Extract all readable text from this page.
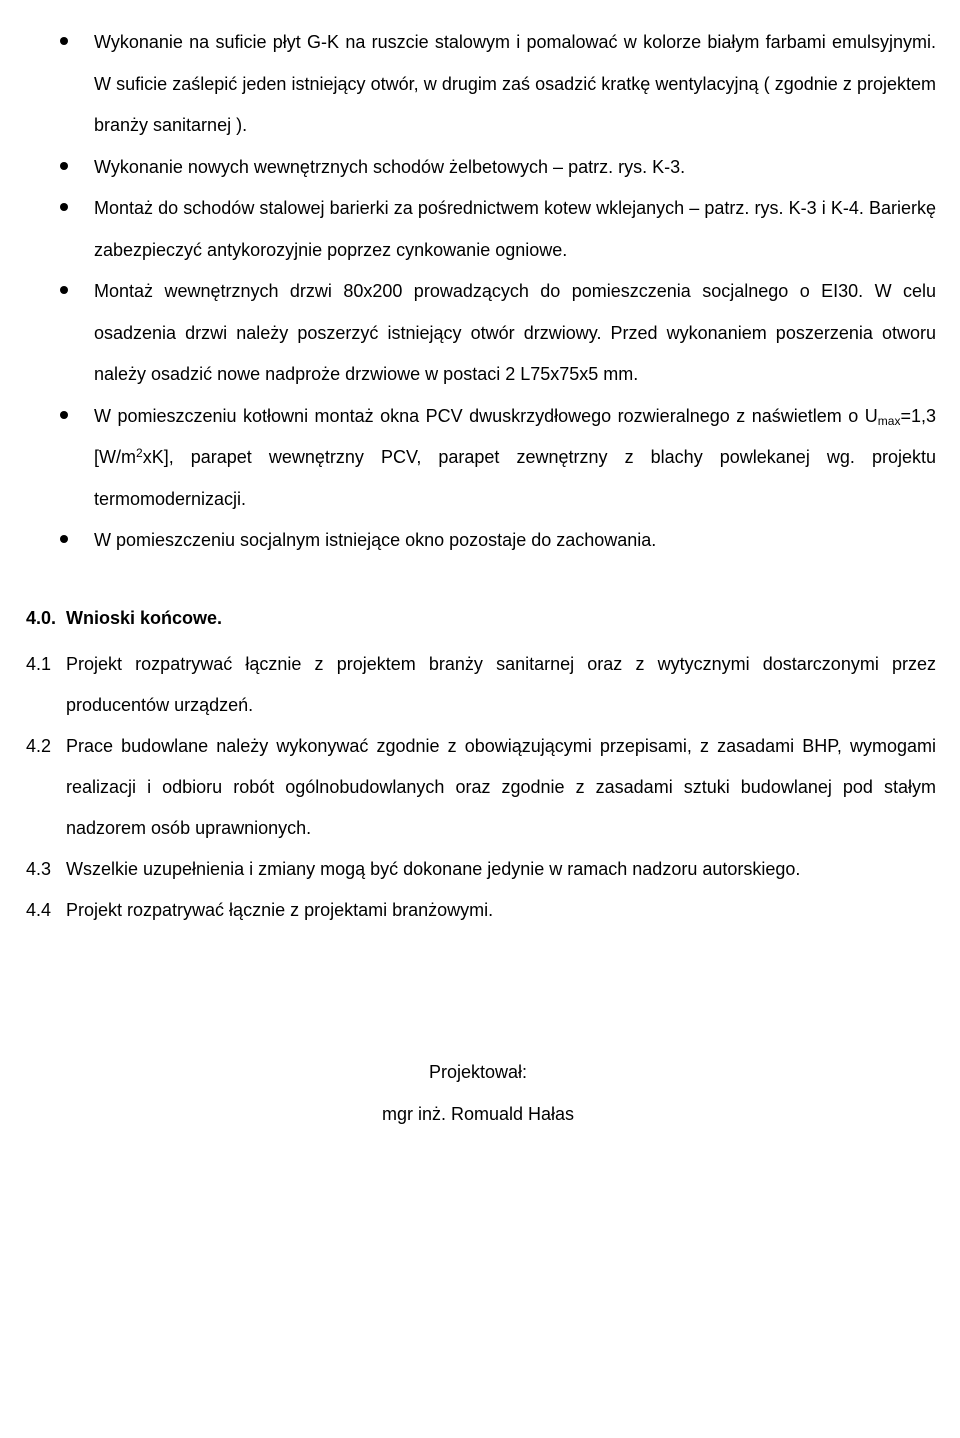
Wykonanie na suficie płyt G-K na ruszcie stalowym i pomalować w kolorze białym farbami emulsyjnymi. W suficie zaślepić jeden istniejący otwór, w drugim zaś osadzić kratkę wentylacyjną ( zgodnie z projektem branży sanitarnej ).
Wykonanie nowych wewnętrznych schodów żelbetowych – patrz. rys. K-3.
Montaż do schodów stalowej barierki za pośrednictwem kotew wklejanych – patrz. rys. K-3 i K-4. Barierkę zabezpieczyć antykorozyjnie poprzez cynkowanie ogniowe.
Montaż wewnętrznych drzwi 80x200 prowadzących do pomieszczenia socjalnego o EI30. W celu osadzenia drzwi należy poszerzyć istniejący otwór drzwiowy. Przed wykonaniem poszerzenia otworu należy osadzić nowe nadproże drzwiowe w postaci 2 L75x75x5 mm.
W pomieszczeniu kotłowni montaż okna PCV dwuskrzydłowego rozwieralnego z naświetlem o $U_{max}=1,3$ $[W/m^2xK]$, parapet wewnętrzny PCV, parapet zewnętrzny z blachy powlekanej wg. projektu termomodernizacji.
W pomieszczeniu socjalnym istniejące okno pozostaje do zachowania.
4.0. Wnioski końcowe.
4.1 Projekt rozpatrywać łącznie z projektem branży sanitarnej oraz z wytycznymi dostarczonymi przez producentów urządzeń.
4.2 Prace budowlane należy wykonywać zgodnie z obowiązującymi przepisami, z zasadami BHP, wymogami realizacji i odbioru robót ogólnobudowlanych oraz zgodnie z zasadami sztuki budowlanej pod stałym nadzorem osób uprawnionych.
4.3 Wszelkie uzupełnienia i zmiany mogą być dokonane jedynie w ramach nadzoru autorskiego.
4.4 Projekt rozpatrywać łącznie z projektami branżowymi.
Projektował:
mgr inż. Romuald Hałas
